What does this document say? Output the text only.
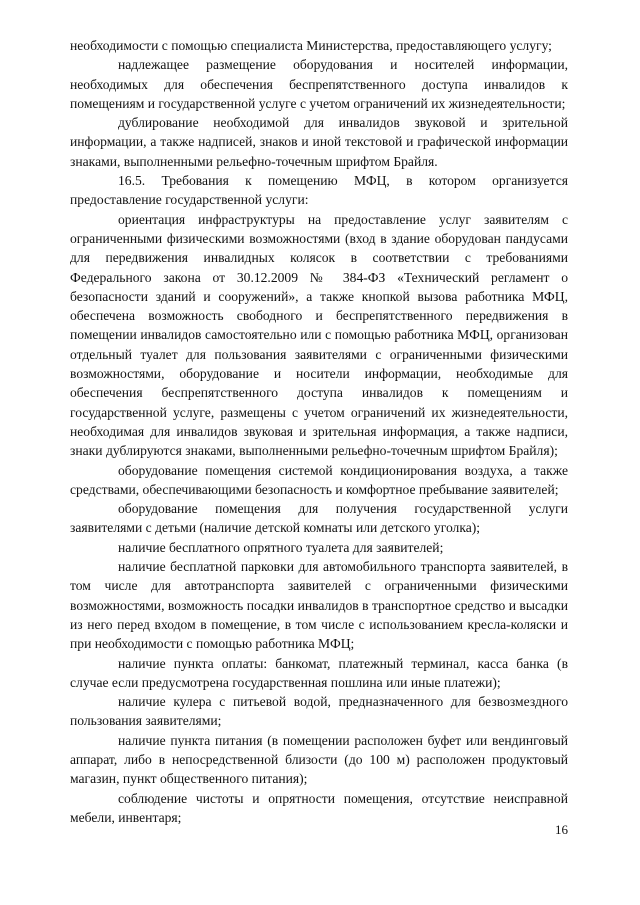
необходимости с помощью специалиста Министерства, предоставляющего услугу;

надлежащее размещение оборудования и носителей информации, необходимых для обеспечения беспрепятственного доступа инвалидов к помещениям и государственной услуге с учетом ограничений их жизнедеятельности;

дублирование необходимой для инвалидов звуковой и зрительной информации, а также надписей, знаков и иной текстовой и графической информации знаками, выполненными рельефно-точечным шрифтом Брайля.

16.5. Требования к помещению МФЦ, в котором организуется предоставление государственной услуги:

ориентация инфраструктуры на предоставление услуг заявителям с ограниченными физическими возможностями (вход в здание оборудован пандусами для передвижения инвалидных колясок в соответствии с требованиями Федерального закона от 30.12.2009 № 384-ФЗ «Технический регламент о безопасности зданий и сооружений», а также кнопкой вызова работника МФЦ, обеспечена возможность свободного и беспрепятственного передвижения в помещении инвалидов самостоятельно или с помощью работника МФЦ, организован отдельный туалет для пользования заявителями с ограниченными физическими возможностями, оборудование и носители информации, необходимые для обеспечения беспрепятственного доступа инвалидов к помещениям и государственной услуге, размещены с учетом ограничений их жизнедеятельности, необходимая для инвалидов звуковая и зрительная информация, а также надписи, знаки дублируются знаками, выполненными рельефно-точечным шрифтом Брайля);

оборудование помещения системой кондиционирования воздуха, а также средствами, обеспечивающими безопасность и комфортное пребывание заявителей;

оборудование помещения для получения государственной услуги заявителями с детьми (наличие детской комнаты или детского уголка);

наличие бесплатного опрятного туалета для заявителей;

наличие бесплатной парковки для автомобильного транспорта заявителей, в том числе для автотранспорта заявителей с ограниченными физическими возможностями, возможность посадки инвалидов в транспортное средство и высадки из него перед входом в помещение, в том числе с использованием кресла-коляски и при необходимости с помощью работника МФЦ;

наличие пункта оплаты: банкомат, платежный терминал, касса банка (в случае если предусмотрена государственная пошлина или иные платежи);

наличие кулера с питьевой водой, предназначенного для безвозмездного пользования заявителями;

наличие пункта питания (в помещении расположен буфет или вендинговый аппарат, либо в непосредственной близости (до 100 м) расположен продуктовый магазин, пункт общественного питания);

соблюдение чистоты и опрятности помещения, отсутствие неисправной мебели, инвентаря;

16
